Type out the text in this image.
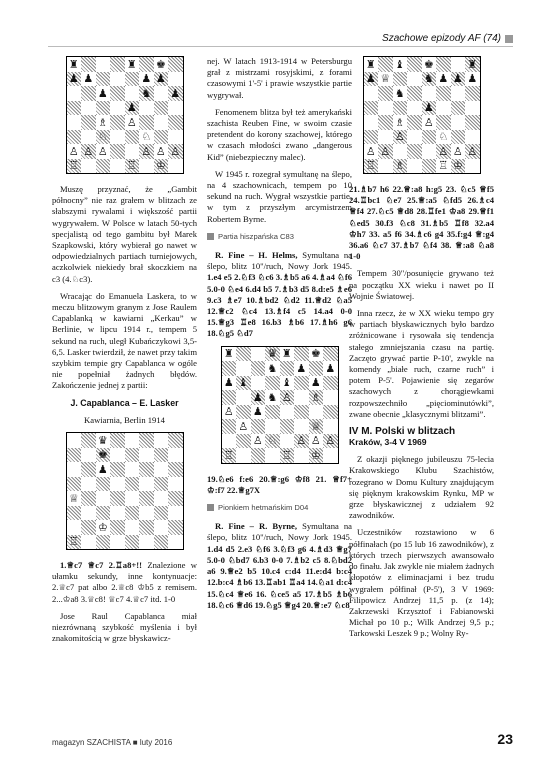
Szachowe epizody AF (74)
♜	♜ ♚
♟ ♟	♟ ♟
♟	♞ ♟
♟
♗ ♙
♘	♘
♙ ♙ ♙	♙ ♙ ♙
♖	♖ ♔

Muszę przyznać, że „Gambit północny” nie raz grałem w blitzach ze słabszymi rywalami i większość partii wygrywałem. W Polsce w latach 50-tych specjalistą od tego gambitu był Marek Szapkowski, który wybierał go nawet w odpowiedzialnych partiach turniejowych, aczkolwiek niekiedy brał skoczkiem na c3 (4.♘c3).

Wracając do Emanuela Laskera, to w meczu blitzowym granym z Jose Raulem Capablanką w kawiarni „Kerkau” w Berlinie, w lipcu 1914 r., tempem 5 sekund na ruch, uległ Kubańczykowi 3,5-6,5. Lasker twierdził, że nawet przy takim szybkim tempie gry Capablanca w ogóle nie popełniał żadnych błędów. Zakończenie jednej z partii:

J. Capablanca – E. Lasker

Kawiarnia, Berlin 1914

♛
♚
♟
♕
♔
♖

1.♕c7 ♕c7 2.♖a8+!! Znalezione w ułamku sekundy, inne kontynuacje: 2.♕c7 pat albo 2.♕c8 ♔b5 z remisem. 2...♔a8 3.♕c8! ♕c7 4.♕c7 itd. 1-0

Jose Raul Capablanca miał niezrównaną szybkość myślenia i był znakomitością w grze błyskawicz-

nej. W latach 1913-1914 w Petersburgu grał z mistrzami rosyjskimi, z forami czasowymi 1'-5' i prawie wszystkie partie wygrywał.

Fenomenem blitza był też amerykański szachista Reuben Fine, w swoim czasie pretendent do korony szachowej, którego w czasach młodości zwano „dangerous Kid” (niebezpieczny malec).

W 1945 r. rozegrał symultanę na ślepo, na 4 szachownicach, tempem po 10 sekund na ruch. Wygrał wszystkie partie, w tym z przyszłym arcymistrzem Robertem Byrne.

Partia hiszpańska C83

R. Fine – H. Helms, Symultana na ślepo, blitz 10"/ruch, Nowy Jork 1945. 1.e4 e5 2.♘f3 ♘c6 3.♗b5 a6 4.♗a4 ♘f6 5.0-0 ♘e4 6.d4 b5 7.♗b3 d5 8.d:e5 ♗e6 9.c3 ♗e7 10.♗bd2 ♘d2 11.♕d2 ♘a5 12.♕c2 ♘c4 13.♗f4 c5 14.a4 0-0 15.♕g3 ♖e8 16.b3 ♗b6 17.♗h6 g6 18.♘g5 ♘d7

♜	♛ ♜ ♚
♞ ♟ ♟
♟ ♝	♝ ♟
♟ ♞ ♙ ♗
♙ ♟
♙	♕
♙ ♘ ♙ ♙ ♙
♖	♖ ♔

19.♘e6 f:e6 20.♕:g6 ♔f8 21. ♕f7+ ♔:f7 22.♕g7X

Pionkiem hetmańskim D04

R. Fine – R. Byrne, Symultana na ślepo, blitz 10"/ruch, Nowy Jork 1945. 1.d4 d5 2.e3 ♘f6 3.♘f3 g6 4.♗d3 ♕g7 5.0-0 ♘bd7 6.b3 0-0 7.♗b2 c5 8.♘bd2 a6 9.♕e2 b5 10.c4 c:d4 11.e:d4 b:c4 12.b:c4 ♗b6 13.♖ab1 ♖a4 14.♘a1 d:c4 15.♘c4 ♕e6 16. ♘ce5 a5 17.♗b5 ♗b6 18.♘c6 ♕d6 19.♘g5 ♕g4 20.♕:e7 ♘c8

♜ ♝ ♚	♜
♟ ♕	♞ ♟ ♟ ♟
♞
♟
♗ ♙
♙	♘
♙ ♙	♙ ♙ ♙
♖ ♗	♖ ♔

21.♗b7 h6 22.♕:a8 h:g5 23. ♘c5 ♕f5 24.♖bc1 ♘e7 25.♕:a5 ♘fd5 26.♗c4 ♕f4 27.♘c5 ♕d8 28.♖fe1 ♔a8 29.♕f1 ♘ed5 30.f3 ♘c8 31.♗b5 ♖f8 32.a4 ♔h7 33. a5 f6 34.♗c6 g4 35.f:g4 ♕:g4 36.a6 ♘c7 37.♗b7 ♘f4 38. ♕:a8 ♘a8 1-0

Tempem 30"/posunięcie grywano też na początku XX wieku i nawet po II Wojnie Światowej.

Inna rzecz, że w XX wieku tempo gry w partiach błyskawicznych było bardzo zróżnicowane i rysowała się tendencja stałego zmniejszania czasu na partię. Zaczęto grywać partie P-10', zwykle na komendy „białe ruch, czarne ruch” i potem P-5'. Pojawienie się zegarów szachowych z chorągiewkami rozpowszechniło „pięciominutówki”, zwane obecnie „klasycznymi blitzami”.

IV M. Polski w blitzach
Kraków, 3-4 V 1969

Z okazji pięknego jubileuszu 75-lecia Krakowskiego Klubu Szachistów, rozegrano w Domu Kultury znajdującym się pięknym krakowskim Rynku, MP w grze błyskawicznej z udziałem 92 zawodników.

Uczestników rozstawiono w 6 półfinałach (po 15 lub 16 zawodników), z których trzech pierwszych awansowało do finału. Jak zwykle nie miałem żadnych kłopotów z eliminacjami i bez trudu wygrałem półfinał (P-5'), 3 V 1969: Filipowicz Andrzej 11,5 p. (z 14); Zakrzewski Krzysztof i Fabianowski Michał po 10 p.; Wilk Andrzej 9,5 p.; Tarkowski Leszek 9 p.; Wolny Ry-

magazyn SZACHISTA ■ luty 2016	23
